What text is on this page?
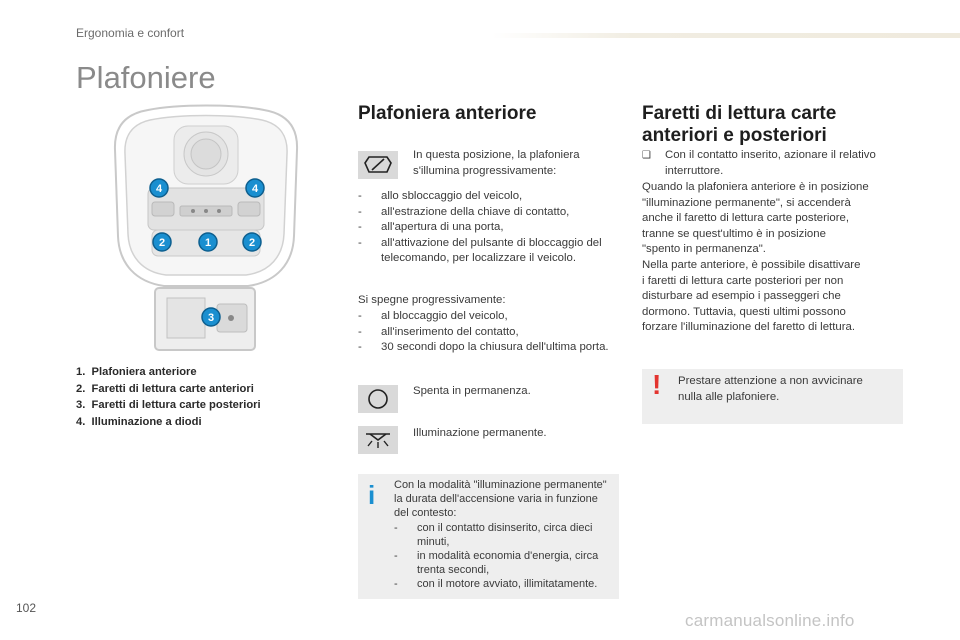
Ergonomia e confort
Plafoniere
4	4
2	1	2
3
1.  Plafoniera anteriore
2.  Faretti di lettura carte anteriori
3.  Faretti di lettura carte posteriori
4.  Illuminazione a diodi
Plafoniera anteriore
In questa posizione, la plafoniera
s'illumina progressivamente:
- allo sbloccaggio del veicolo,
- all'estrazione della chiave di contatto,
- all'apertura di una porta,
- all'attivazione del pulsante di bloccaggio del telecomando, per localizzare il veicolo.
Si spegne progressivamente:
- al bloccaggio del veicolo,
- all'inserimento del contatto,
- 30 secondi dopo la chiusura dell'ultima porta.
Spenta in permanenza.
Illuminazione permanente.
i Con la modalità "illuminazione permanente" la durata dell'accensione varia in funzione del contesto:
- con il contatto disinserito, circa dieci minuti,
- in modalità economia d'energia, circa trenta secondi,
- con il motore avviato, illimitatamente.
Faretti di lettura carte
anteriori e posteriori
❑ Con il contatto inserito, azionare il relativo
interruttore.
Quando la plafoniera anteriore è in posizione
"illuminazione permanente", si accenderà
anche il faretto di lettura carte posteriore,
tranne se quest'ultimo è in posizione
"spento in permanenza".
Nella parte anteriore, è possibile disattivare
i faretti di lettura carte posteriori per non
disturbare ad esempio i passeggeri che
dormono. Tuttavia, questi ultimi possono
forzare l'illuminazione del faretto di lettura.
! Prestare attenzione a non avvicinare
nulla alle plafoniere.
102
carmanualsonline.info
